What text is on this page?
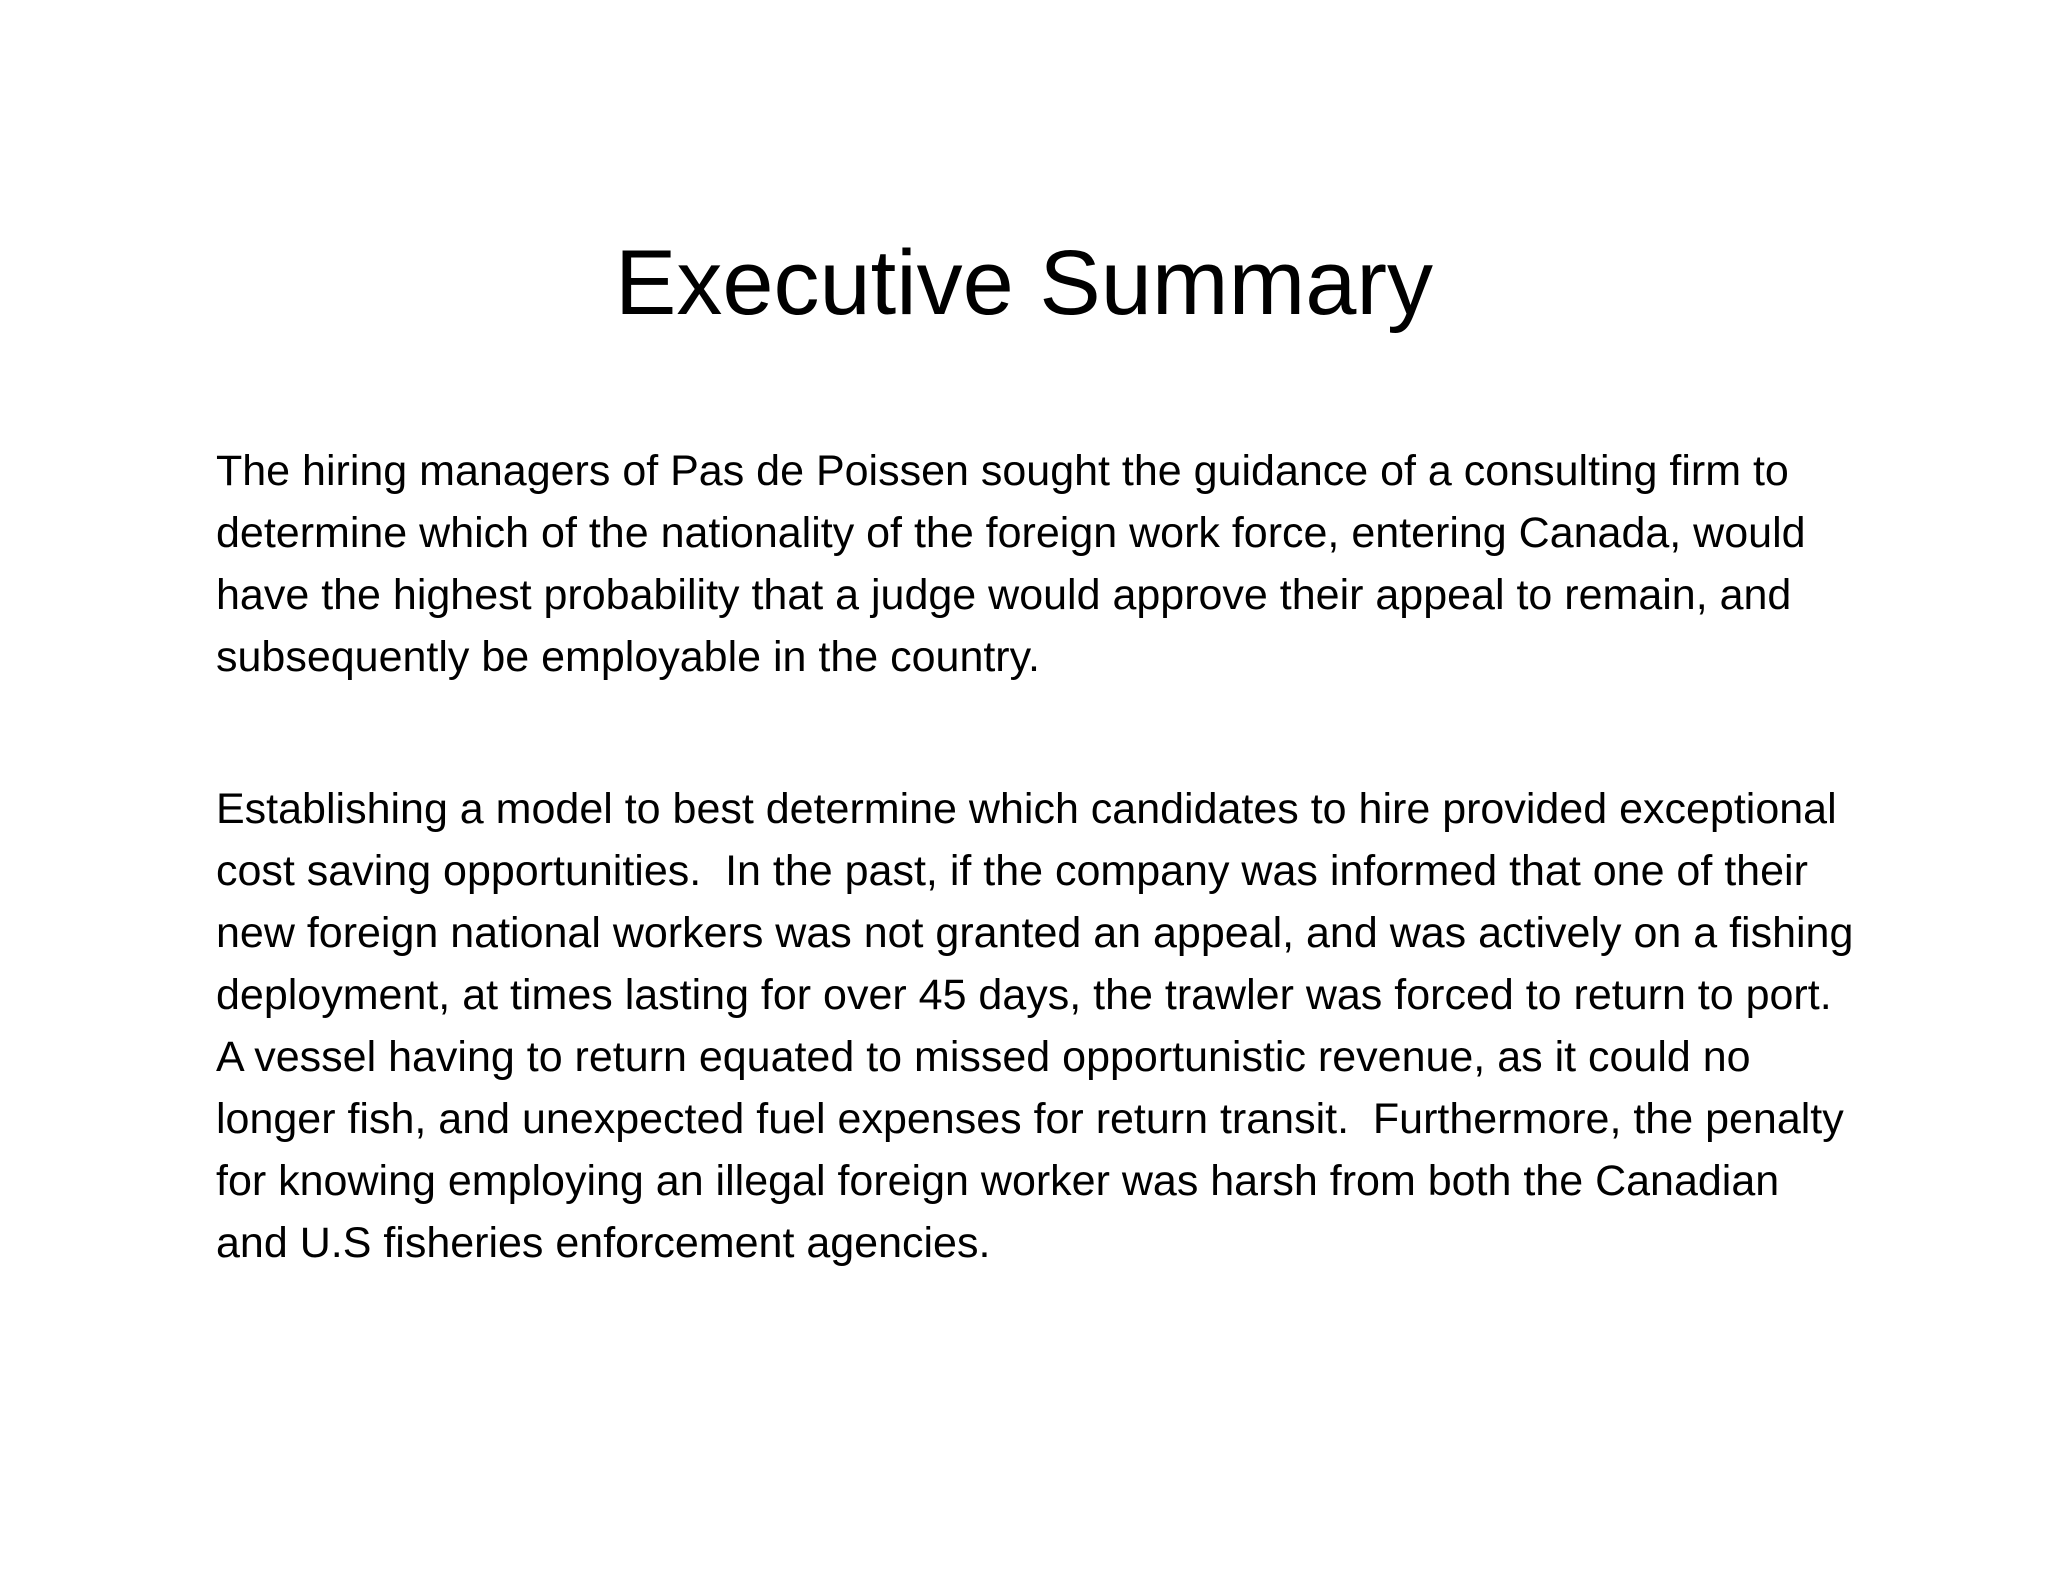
Executive Summary

The hiring managers of Pas de Poissen sought the guidance of a consulting firm to determine which of the nationality of the foreign work force, entering Canada, would have the highest probability that a judge would approve their appeal to remain, and subsequently be employable in the country.

Establishing a model to best determine which candidates to hire provided exceptional cost saving opportunities.  In the past, if the company was informed that one of their new foreign national workers was not granted an appeal, and was actively on a fishing deployment, at times lasting for over 45 days, the trawler was forced to return to port.  A vessel having to return equated to missed opportunistic revenue, as it could no longer fish, and unexpected fuel expenses for return transit.  Furthermore, the penalty for knowing employing an illegal foreign worker was harsh from both the Canadian and U.S fisheries enforcement agencies.
